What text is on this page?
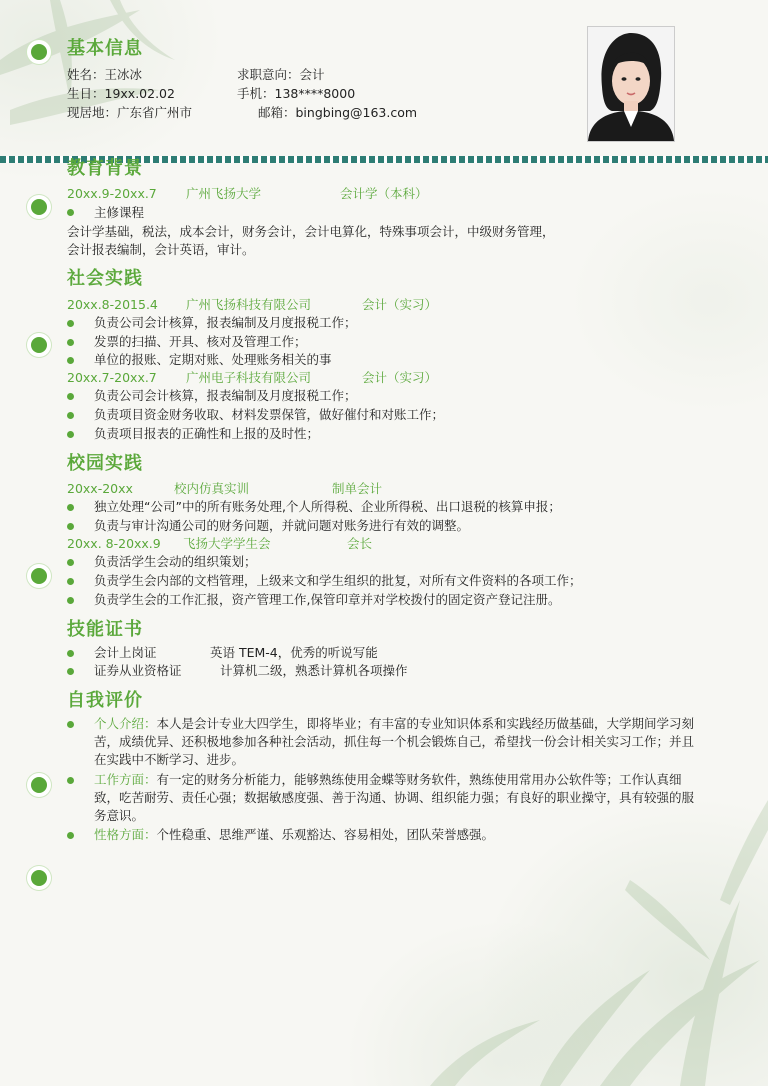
基本信息
姓名：王冰冰	求职意向：会计
生日：19xx.02.02	手机：138****8000
现居地：广东省广州市	邮箱：bingbing@163.com
教育背景
20xx.9-20xx.7 广州飞扬大学	会计学（本科）
主修课程
会计学基础，税法，成本会计，财务会计，会计电算化，特殊事项会计，中级财务管理，
会计报表编制，会计英语，审计。
社会实践
20xx.8-2015.4 广州飞扬科技有限公司	会计（实习）
负责公司会计核算，报表编制及月度报税工作；
发票的扫描、开具、核对及管理工作；
单位的报账、定期对账、处理账务相关的事
20xx.7-20xx.7 广州电子科技有限公司	会计（实习）
负责公司会计核算，报表编制及月度报税工作；
负责项目资金财务收取、材料发票保管，做好催付和对账工作；
负责项目报表的正确性和上报的及时性；
校园实践
20xx-20xx	校内仿真实训	制单会计
独立处理“公司”中的所有账务处理,个人所得税、企业所得税、出口退税的核算申报；
负责与审计沟通公司的财务问题，并就问题对账务进行有效的调整。
20xx. 8-20xx.9 飞扬大学学生会	会长
负责活学生会动的组织策划；
负责学生会内部的文档管理，上级来文和学生组织的批复，对所有文件资料的各项工作；
负责学生会的工作汇报，资产管理工作,保管印章并对学校拨付的固定资产登记注册。
技能证书
会计上岗证	英语 TEM-4，优秀的听说写能
证券从业资格证	计算机二级，熟悉计算机各项操作
自我评价
个人介绍：本人是会计专业大四学生，即将毕业；有丰富的专业知识体系和实践经历做基础，大学期间学习刻苦，成绩优异、还积极地参加各种社会活动，抓住每一个机会锻炼自己，希望找一份会计相关实习工作；并且在实践中不断学习、进步。
工作方面：有一定的财务分析能力，能够熟练使用金蝶等财务软件，熟练使用常用办公软件等；工作认真细致，吃苦耐劳、责任心强；数据敏感度强、善于沟通、协调、组织能力强；有良好的职业操守，具有较强的服务意识。
性格方面：个性稳重、思维严谨、乐观豁达、容易相处，团队荣誉感强。
